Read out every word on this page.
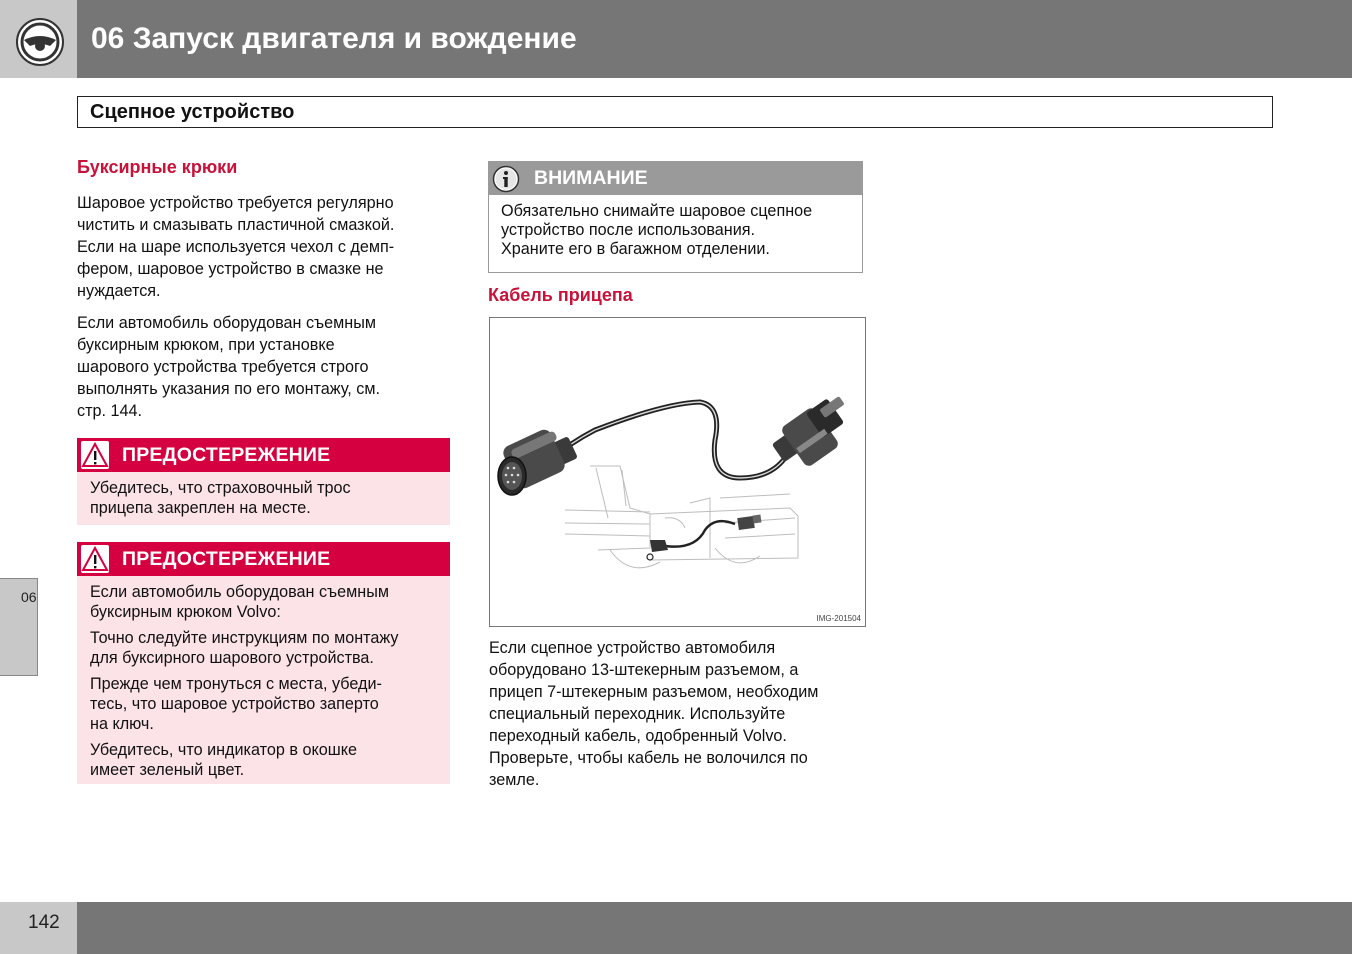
06 Запуск двигателя и вождение
Сцепное устройство
06
Буксирные крюки
Шаровое устройство требуется регулярно
чистить и смазывать пластичной смазкой.
Если на шаре используется чехол с демп-
фером, шаровое устройство в смазке не
нуждается.
Если автомобиль оборудован съемным
буксирным крюком, при установке
шарового устройства требуется строго
выполнять указания по его монтажу, см.
стр. 144.
ПРЕДОСТЕРЕЖЕНИЕ
Убедитесь, что страховочный трос
прицепа закреплен на месте.
ПРЕДОСТЕРЕЖЕНИЕ
Если автомобиль оборудован съемным
буксирным крюком Volvo:
Точно следуйте инструкциям по монтажу
для буксирного шарового устройства.
Прежде чем тронуться с места, убеди-
тесь, что шаровое устройство заперто
на ключ.
Убедитесь, что индикатор в окошке
имеет зеленый цвет.
ВНИМАНИЕ
Обязательно снимайте шаровое сцепное
устройство после использования.
Храните его в багажном отделении.
Кабель прицепа
IMG-201504
Если сцепное устройство автомобиля
оборудовано 13-штекерным разъемом, а
прицеп 7-штекерным разъемом, необходим
специальный переходник. Используйте
переходный кабель, одобренный Volvo.
Проверьте, чтобы кабель не волочился по
земле.
142
